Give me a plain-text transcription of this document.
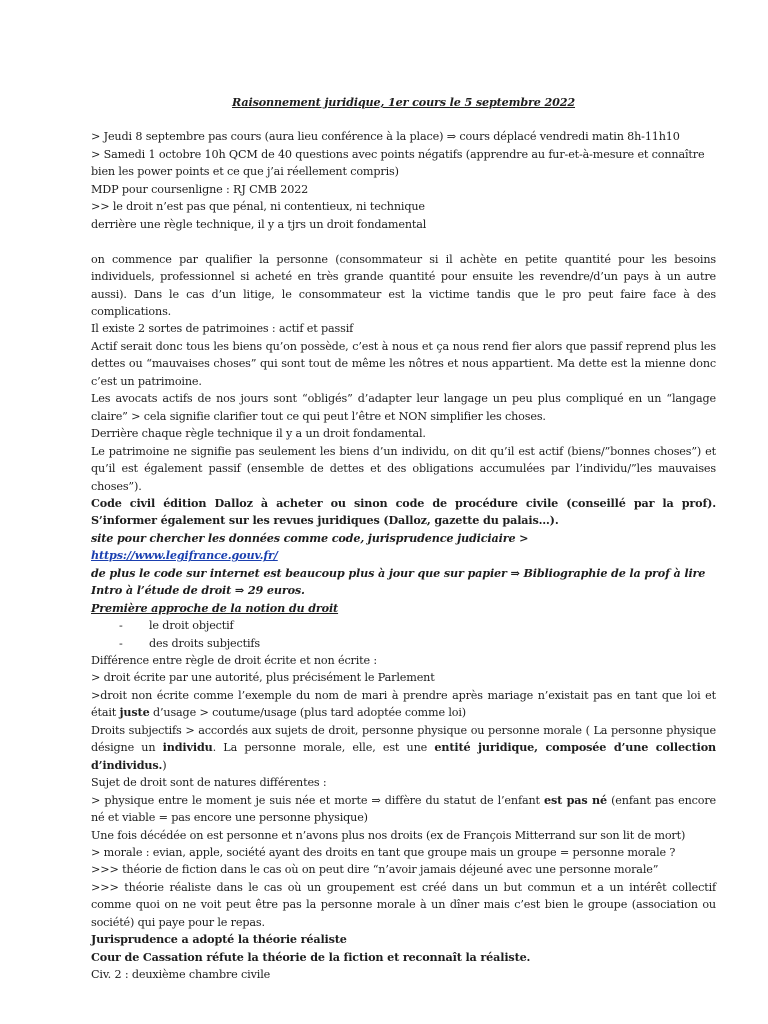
Raisonnement juridique, 1er cours le 5 septembre 2022

> Jeudi 8 septembre pas cours (aura lieu conférence à la place) ⇒ cours déplacé vendredi matin 8h-11h10

> Samedi 1 octobre 10h QCM de 40 questions avec points négatifs (apprendre au fur-et-à-mesure et connaître bien les power points et ce que j’ai réellement compris)

MDP pour coursenligne : RJ CMB 2022

>> le droit n’est pas que pénal, ni contentieux, ni technique

derrière une règle technique, il y a tjrs un droit fondamental

on commence par qualifier la personne (consommateur si il achète en petite quantité pour les besoins individuels, professionnel si acheté en très grande quantité pour ensuite les revendre/d’un pays à un autre aussi). Dans le cas d’un litige, le consommateur est la victime tandis que le pro peut faire face à des complications.

Il existe 2 sortes de patrimoines : actif et passif

Actif serait donc tous les biens qu’on possède, c’est à nous et ça nous rend fier alors que passif reprend plus les dettes ou “mauvaises choses” qui sont tout de même les nôtres et nous appartient. Ma dette est la mienne donc c’est un patrimoine.

Les avocats actifs de nos jours sont “obligés” d’adapter leur langage un peu plus compliqué en un “langage claire” > cela signifie clarifier tout ce qui peut l’être et NON simplifier les choses.

Derrière chaque règle technique il y a un droit fondamental.

Le patrimoine ne signifie pas seulement les biens d’un individu, on dit qu’il est actif (biens/”bonnes choses”) et qu’il est également passif (ensemble de dettes et des obligations accumulées par l’individu/”les mauvaises choses”).

Code civil édition Dalloz à acheter ou sinon code de procédure civile (conseillé par la prof). S’informer également sur les revues juridiques (Dalloz, gazette du palais…).

site pour chercher les données comme code, jurisprudence judiciaire > https://www.legifrance.gouv.fr/

de plus le code sur internet est beaucoup plus à jour que sur papier ⇒ Bibliographie de la prof à lire

Intro à l’étude de droit ⇒ 29 euros.

Première approche de la notion du droit

- le droit objectif
- des droits subjectifs

Différence entre règle de droit écrite et non écrite :

> droit écrite par une autorité, plus précisément le Parlement

>droit non écrite comme l’exemple du nom de mari à prendre après mariage n’existait pas en tant que loi et était juste d’usage > coutume/usage (plus tard adoptée comme loi)

Droits subjectifs > accordés aux sujets de droit, personne physique ou personne morale ( La personne physique désigne un individu. La personne morale, elle, est une entité juridique, composée d’une collection d’individus.)

Sujet de droit sont de natures différentes :

> physique entre le moment je suis née et morte ⇒ diffère du statut de l’enfant est pas né (enfant pas encore né et viable = pas encore une personne physique)

Une fois décédée on est personne et n’avons plus nos droits (ex de François Mitterrand sur son lit de mort)

> morale : evian, apple, société ayant des droits en tant que groupe mais un groupe = personne morale ?

>>> théorie de fiction dans le cas où on peut dire “n’avoir jamais déjeuné avec une personne morale”

>>> théorie réaliste dans le cas où un groupement est créé dans un but commun et a un intérêt collectif comme quoi on ne voit peut être pas la personne morale à un dîner mais c’est bien le groupe (association ou société) qui paye pour le repas.

Jurisprudence a adopté la théorie réaliste

Cour de Cassation réfute la théorie de la fiction et reconnaît la réaliste.

Civ. 2 : deuxième chambre civile
